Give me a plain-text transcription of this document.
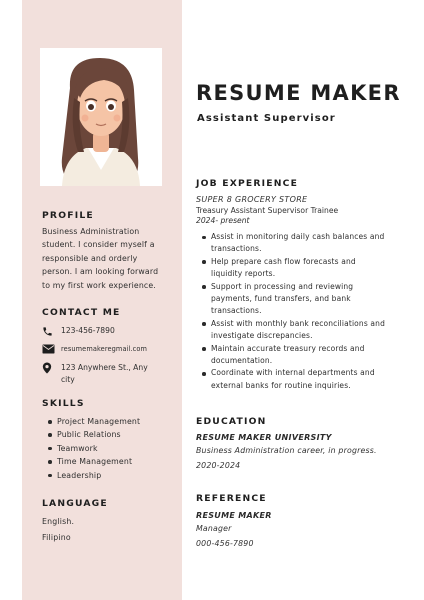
PROFILE
Business Administration
student. I consider myself a
responsible and orderly
person. I am looking forward
to my first work experience.
CONTACT ME
123-456-7890
resumemakeregmail.com
123 Anywhere St., Any city
SKILLS
Project Management
Public Relations
Teamwork
Time Management
Leadership
LANGUAGE
English.
Filipino
RESUME MAKER
Assistant Supervisor
JOB EXPERIENCE
SUPER 8 GROCERY STORE
Treasury Assistant Supervisor Trainee
2024- present
Assist in monitoring daily cash balances and transactions.
Help prepare cash flow forecasts and liquidity reports.
Support in processing and reviewing payments, fund transfers, and bank transactions.
Assist with monthly bank reconciliations and investigate discrepancies.
Maintain accurate treasury records and documentation.
Coordinate with internal departments and external banks for routine inquiries.
EDUCATION
RESUME MAKER UNIVERSITY
Business Administration career, in progress.
2020-2024
REFERENCE
RESUME MAKER
Manager
000-456-7890
